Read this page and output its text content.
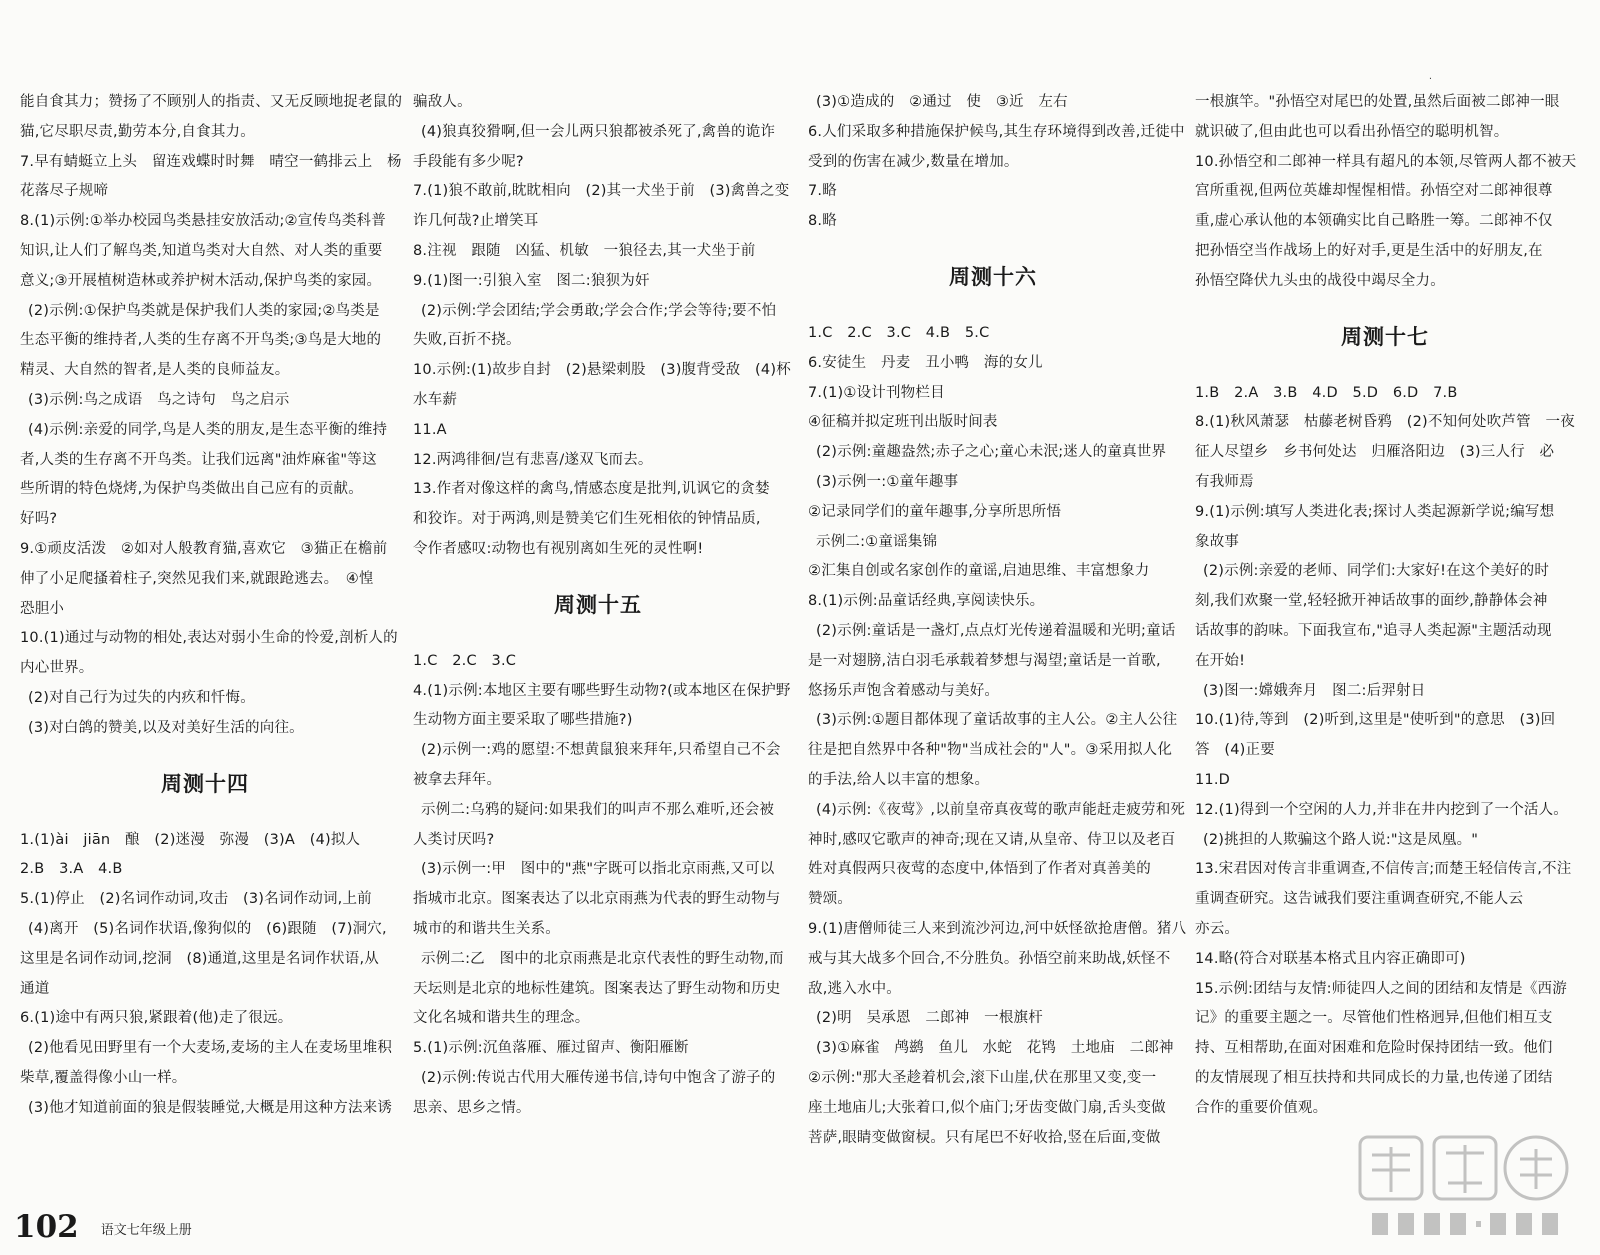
能自食其力；赞扬了不顾别人的指责、又无反顾地捉老鼠的
猫,它尽职尽责,勤劳本分,自食其力。
7.早有蜻蜓立上头　留连戏蝶时时舞　晴空一鹤排云上　杨
花落尽子规啼
8.(1)示例:①举办校园鸟类悬挂安放活动;②宣传鸟类科普
知识,让人们了解鸟类,知道鸟类对大自然、对人类的重要
意义;③开展植树造林或养护树木活动,保护鸟类的家园。
(2)示例:①保护鸟类就是保护我们人类的家园;②鸟类是
生态平衡的维持者,人类的生存离不开鸟类;③鸟是大地的
精灵、大自然的智者,是人类的良师益友。
(3)示例:鸟之成语　鸟之诗句　鸟之启示
(4)示例:亲爱的同学,鸟是人类的朋友,是生态平衡的维持
者,人类的生存离不开鸟类。让我们远离"油炸麻雀"等这
些所谓的特色烧烤,为保护鸟类做出自己应有的贡献。
好吗?
9.①顽皮活泼　②如对人般教育猫,喜欢它　③猫正在檐前
伸了小足爬搔着柱子,突然见我们来,就跟跄逃去。　④惶
恐胆小
10.(1)通过与动物的相处,表达对弱小生命的怜爱,剖析人的
内心世界。
(2)对自己行为过失的内疚和忏悔。
(3)对白鸽的赞美,以及对美好生活的向往。
周测十四
1.(1)ài　jiān　酿　(2)迷漫　弥漫　(3)A　(4)拟人
2.B　3.A　4.B
5.(1)停止　(2)名词作动词,攻击　(3)名词作动词,上前
(4)离开　(5)名词作状语,像狗似的　(6)跟随　(7)洞穴,
这里是名词作动词,挖洞　(8)通道,这里是名词作状语,从
通道
6.(1)途中有两只狼,紧跟着(他)走了很远。
(2)他看见田野里有一个大麦场,麦场的主人在麦场里堆积
柴草,覆盖得像小山一样。
(3)他才知道前面的狼是假装睡觉,大概是用这种方法来诱
骗敌人。
(4)狼真狡猾啊,但一会儿两只狼都被杀死了,禽兽的诡诈
手段能有多少呢?
7.(1)狼不敢前,眈眈相向　(2)其一犬坐于前　(3)禽兽之变
诈几何哉?止增笑耳
8.注视　跟随　凶猛、机敏　一狼径去,其一犬坐于前
9.(1)图一:引狼入室　图二:狼狈为奸
(2)示例:学会团结;学会勇敢;学会合作;学会等待;要不怕
失败,百折不挠。
10.示例:(1)故步自封　(2)悬梁刺股　(3)腹背受敌　(4)杯
水车薪
11.A
12.两鸿徘徊/岂有悲喜/遂双飞而去。
13.作者对像这样的禽鸟,情感态度是批判,讥讽它的贪婪
和狡诈。对于两鸿,则是赞美它们生死相依的钟情品质,
令作者感叹:动物也有视别离如生死的灵性啊!
周测十五
1.C　2.C　3.C
4.(1)示例:本地区主要有哪些野生动物?(或本地区在保护野
生动物方面主要采取了哪些措施?)
(2)示例一:鸡的愿望:不想黄鼠狼来拜年,只希望自己不会
被拿去拜年。
示例二:乌鸦的疑问:如果我们的叫声不那么难听,还会被
人类讨厌吗?
(3)示例一:甲　图中的"燕"字既可以指北京雨燕,又可以
指城市北京。图案表达了以北京雨燕为代表的野生动物与
城市的和谐共生关系。
示例二:乙　图中的北京雨燕是北京代表性的野生动物,而
天坛则是北京的地标性建筑。图案表达了野生动物和历史
文化名城和谐共生的理念。
5.(1)示例:沉鱼落雁、雁过留声、衡阳雁断
(2)示例:传说古代用大雁传递书信,诗句中饱含了游子的
思亲、思乡之情。
(3)①造成的　②通过　使　③近　左右
6.人们采取多种措施保护候鸟,其生存环境得到改善,迁徙中
受到的伤害在减少,数量在增加。
7.略
8.略
周测十六
1.C　2.C　3.C　4.B　5.C
6.安徒生　丹麦　丑小鸭　海的女儿
7.(1)①设计刊物栏目
④征稿并拟定班刊出版时间表
(2)示例:童趣盎然;赤子之心;童心未泯;迷人的童真世界
(3)示例一:①童年趣事
②记录同学们的童年趣事,分享所思所悟
示例二:①童谣集锦
②汇集自创或名家创作的童谣,启迪思维、丰富想象力
8.(1)示例:品童话经典,享阅读快乐。
(2)示例:童话是一盏灯,点点灯光传递着温暖和光明;童话
是一对翅膀,洁白羽毛承载着梦想与渴望;童话是一首歌,
悠扬乐声饱含着感动与美好。
(3)示例:①题目都体现了童话故事的主人公。②主人公往
往是把自然界中各种"物"当成社会的"人"。③采用拟人化
的手法,给人以丰富的想象。
(4)示例:《夜莺》,以前皇帝真夜莺的歌声能赶走疲劳和死
神时,感叹它歌声的神奇;现在又请,从皇帝、侍卫以及老百
姓对真假两只夜莺的态度中,体悟到了作者对真善美的
赞颂。
9.(1)唐僧师徒三人来到流沙河边,河中妖怪欲抢唐僧。猪八
戒与其大战多个回合,不分胜负。孙悟空前来助战,妖怪不
敌,逃入水中。
(2)明　吴承恩　二郎神　一根旗杆
(3)①麻雀　鸬鹚　鱼儿　水蛇　花鸨　土地庙　二郎神
②示例:"那大圣趁着机会,滚下山崖,伏在那里又变,变一
座土地庙儿;大张着口,似个庙门;牙齿变做门扇,舌头变做
菩萨,眼睛变做窗棂。只有尾巴不好收拾,竖在后面,变做
一根旗竿。"孙悟空对尾巴的处置,虽然后面被二郎神一眼
就识破了,但由此也可以看出孙悟空的聪明机智。
10.孙悟空和二郎神一样具有超凡的本领,尽管两人都不被天
宫所重视,但两位英雄却惺惺相惜。孙悟空对二郎神很尊
重,虚心承认他的本领确实比自己略胜一筹。二郎神不仅
把孙悟空当作战场上的好对手,更是生活中的好朋友,在
孙悟空降伏九头虫的战役中竭尽全力。
周测十七
1.B　2.A　3.B　4.D　5.D　6.D　7.B
8.(1)秋风萧瑟　枯藤老树昏鸦　(2)不知何处吹芦管　一夜
征人尽望乡　乡书何处达　归雁洛阳边　(3)三人行　必
有我师焉
9.(1)示例:填写人类进化表;探讨人类起源新学说;编写想
象故事
(2)示例:亲爱的老师、同学们:大家好!在这个美好的时
刻,我们欢聚一堂,轻轻掀开神话故事的面纱,静静体会神
话故事的韵味。下面我宣布,"追寻人类起源"主题活动现
在开始!
(3)图一:嫦娥奔月　图二:后羿射日
10.(1)待,等到　(2)听到,这里是"使听到"的意思　(3)回
答　(4)正要
11.D
12.(1)得到一个空闲的人力,并非在井内挖到了一个活人。
(2)挑担的人欺骗这个路人说:"这是凤凰。"
13.宋君因对传言非重调查,不信传言;而楚王轻信传言,不注
重调查研究。这告诫我们要注重调查研究,不能人云
亦云。
14.略(符合对联基本格式且内容正确即可)
15.示例:团结与友情:师徒四人之间的团结和友情是《西游
记》的重要主题之一。尽管他们性格迥异,但他们相互支
持、互相帮助,在面对困难和危险时保持团结一致。他们
的友情展现了相互扶持和共同成长的力量,也传递了团结
合作的重要价值观。
·
102 语文七年级上册
